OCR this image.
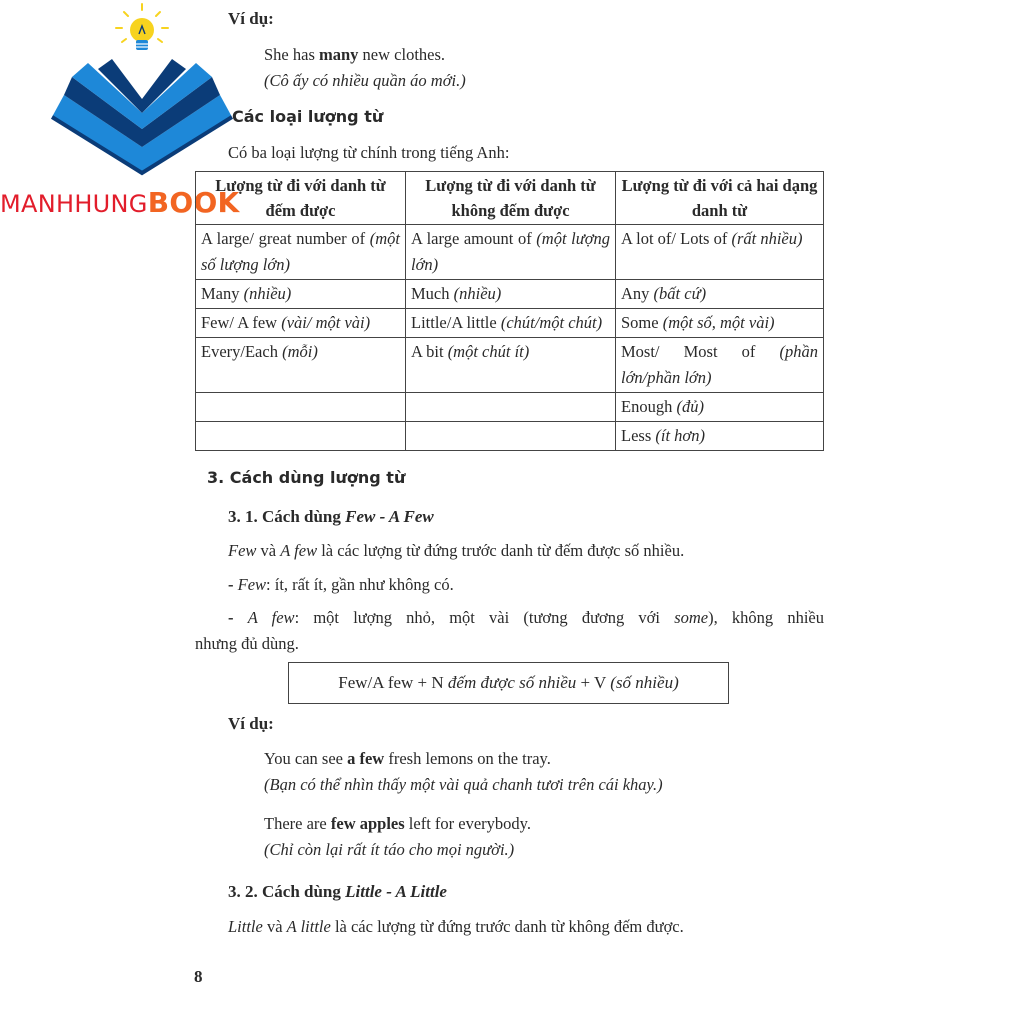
MANHHUNGBOOK
Ví dụ:
She has many new clothes.
(Cô ấy có nhiều quần áo mới.)
Các loại lượng từ
Có ba loại lượng từ chính trong tiếng Anh:
Lượng từ đi với danh từ đếm được	Lượng từ đi với danh từ không đếm được	Lượng từ đi với cả hai dạng danh từ
A large/ great number of (một số lượng lớn)	A large amount of (một lượng lớn)	A lot of/ Lots of (rất nhiều)
Many (nhiều)	Much (nhiều)	Any (bất cứ)
Few/ A few (vài/ một vài)	Little/A little (chút/một chút)	Some (một số, một vài)
Every/Each (mỗi)	A bit (một chút ít)	Most/ Most of (phần lớn/phần lớn)
		Enough (đủ)
		Less (ít hơn)
3. Cách dùng lượng từ
3. 1. Cách dùng Few - A Few
Few và A few là các lượng từ đứng trước danh từ đếm được số nhiều.
- Few: ít, rất ít, gần như không có.
- A few: một lượng nhỏ, một vài (tương đương với some), không nhiều
nhưng đủ dùng.
Few/A few + N đếm được số nhiều + V (số nhiều)
Ví dụ:
You can see a few fresh lemons on the tray.
(Bạn có thể nhìn thấy một vài quả chanh tươi trên cái khay.)
There are few apples left for everybody.
(Chỉ còn lại rất ít táo cho mọi người.)
3. 2. Cách dùng Little - A Little
Little và A little là các lượng từ đứng trước danh từ không đếm được.
8
